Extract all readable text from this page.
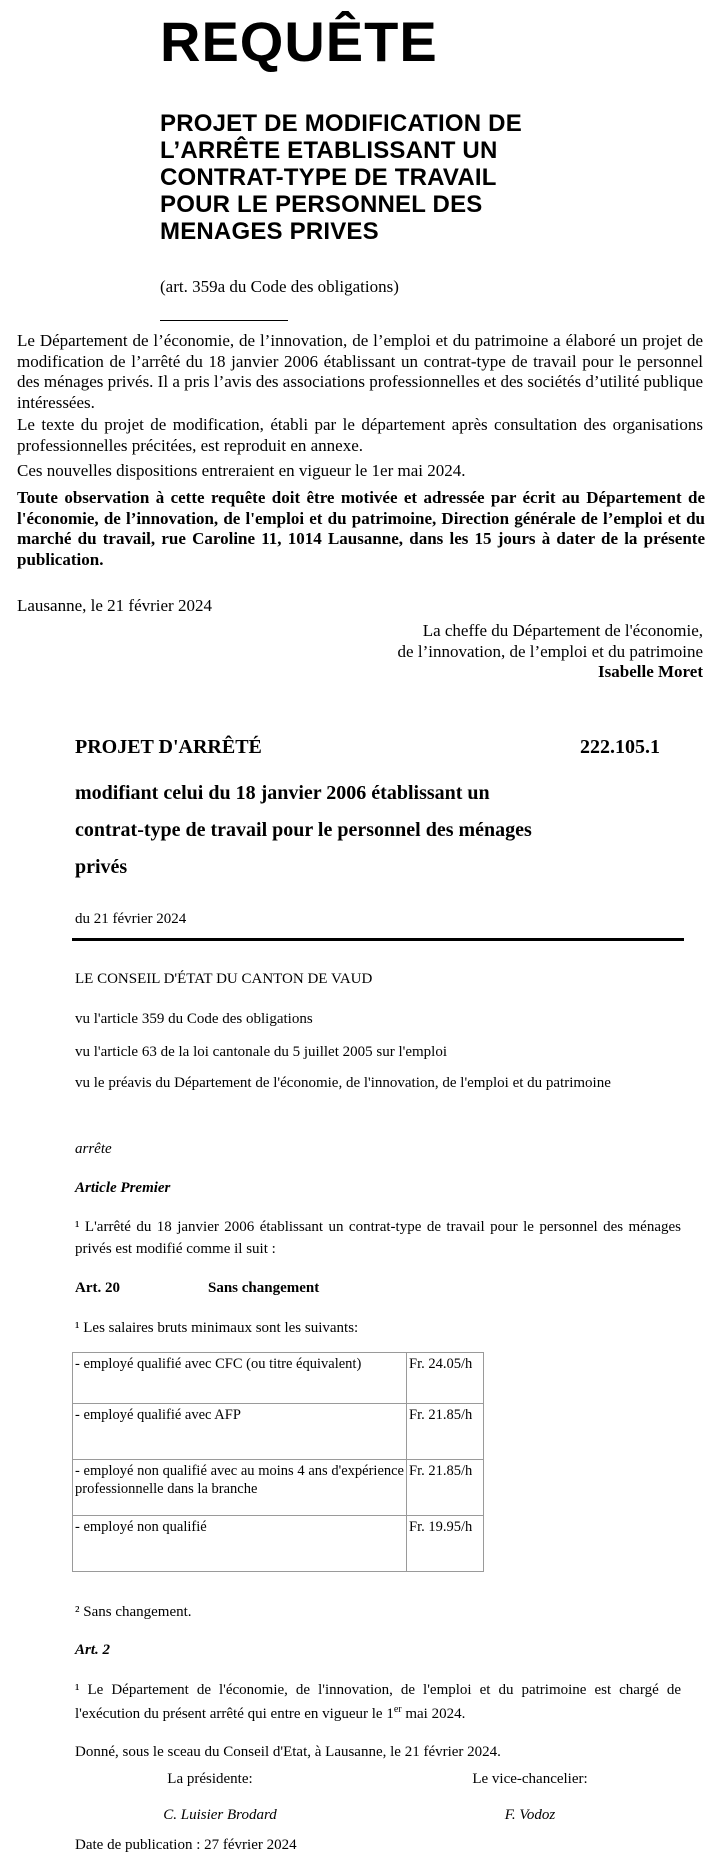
REQUÊTE
PROJET DE MODIFICATION DE
L’ARRÊTE ETABLISSANT UN
CONTRAT-TYPE DE TRAVAIL
POUR LE PERSONNEL DES
MENAGES PRIVES
(art. 359a du Code des obligations)
Le Département de l’économie, de l’innovation, de l’emploi et du patrimoine a élaboré un projet de modification de l’arrêté du 18 janvier 2006 établissant un contrat-type de travail pour le personnel des ménages privés. Il a pris l’avis des associations professionnelles et des sociétés d’utilité publique intéressées.
Le texte du projet de modification, établi par le département après consultation des organisations professionnelles précitées, est reproduit en annexe.
Ces nouvelles dispositions entreraient en vigueur le 1er mai 2024.
Toute observation à cette requête doit être motivée et adressée par écrit au Département de l'économie, de l’innovation, de l'emploi et du patrimoine, Direction générale de l’emploi et du marché du travail, rue Caroline 11, 1014 Lausanne, dans les 15 jours à dater de la présente publication.
Lausanne, le 21 février 2024
La cheffe du Département de l'économie,
de l’innovation, de l’emploi et du patrimoine
Isabelle Moret
PROJET D'ARRÊTÉ	222.105.1
modifiant celui du 18 janvier 2006 établissant un
contrat-type de travail pour le personnel des ménages
privés
du 21 février 2024
LE CONSEIL D'ÉTAT DU CANTON DE VAUD
vu l'article 359 du Code des obligations
vu l'article 63 de la loi cantonale du 5 juillet 2005 sur l'emploi
vu le préavis du Département de l'économie, de l'innovation, de l'emploi et du patrimoine
arrête
Article Premier
¹ L'arrêté du 18 janvier 2006 établissant un contrat-type de travail pour le personnel des ménages privés est modifié comme il suit :
Art. 20	Sans changement
¹ Les salaires bruts minimaux sont les suivants:
- employé qualifié avec CFC (ou titre équivalent)	Fr. 24.05/h
- employé qualifié avec AFP	Fr. 21.85/h
- employé non qualifié avec au moins 4 ans d'expérience professionnelle dans la branche	Fr. 21.85/h
- employé non qualifié	Fr. 19.95/h
² Sans changement.
Art. 2
¹ Le Département de l'économie, de l'innovation, de l'emploi et du patrimoine est chargé de l'exécution du présent arrêté qui entre en vigueur le 1er mai 2024.
Donné, sous le sceau du Conseil d'Etat, à Lausanne, le 21 février 2024.
La présidente:	Le vice-chancelier:
C. Luisier Brodard	F. Vodoz
Date de publication : 27 février 2024
